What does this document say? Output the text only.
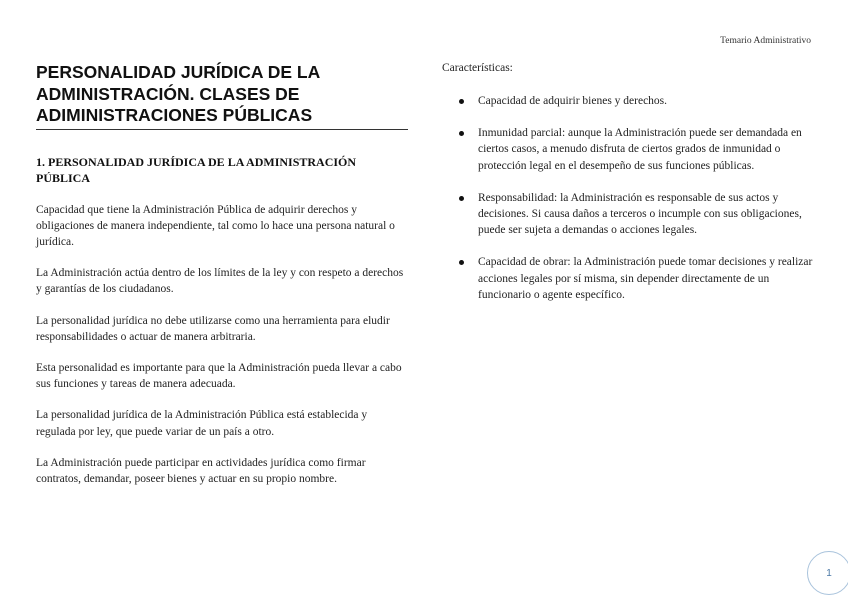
Temario Administrativo
PERSONALIDAD JURÍDICA DE LA ADMINISTRACIÓN. CLASES DE ADIMINISTRACIONES PÚBLICAS
1. PERSONALIDAD JURÍDICA DE LA ADMINISTRACIÓN PÚBLICA

Capacidad que tiene la Administración Pública de adquirir derechos y obligaciones de manera independiente, tal como lo hace una persona natural o jurídica.

La Administración actúa dentro de los límites de la ley y con respeto a derechos y garantías de los ciudadanos.

La personalidad jurídica no debe utilizarse como una herramienta para eludir responsabilidades o actuar de manera arbitraria.

Esta personalidad es importante para que la Administración pueda llevar a cabo sus funciones y tareas de manera adecuada.

La personalidad jurídica de la Administración Pública está establecida y regulada por ley, que puede variar de un país a otro.

La Administración puede participar en actividades jurídica como firmar contratos, demandar, poseer bienes y actuar en su propio nombre.

Características:

Capacidad de adquirir bienes y derechos.
Inmunidad parcial: aunque la Administración puede ser demandada en ciertos casos, a menudo disfruta de ciertos grados de inmunidad o protección legal en el desempeño de sus funciones públicas.
Responsabilidad: la Administración es responsable de sus actos y decisiones. Si causa daños a terceros o incumple con sus obligaciones, puede ser sujeta a demandas o acciones legales.
Capacidad de obrar: la Administración puede tomar decisiones y realizar acciones legales por sí misma, sin depender directamente de un funcionario o agente específico.
1
